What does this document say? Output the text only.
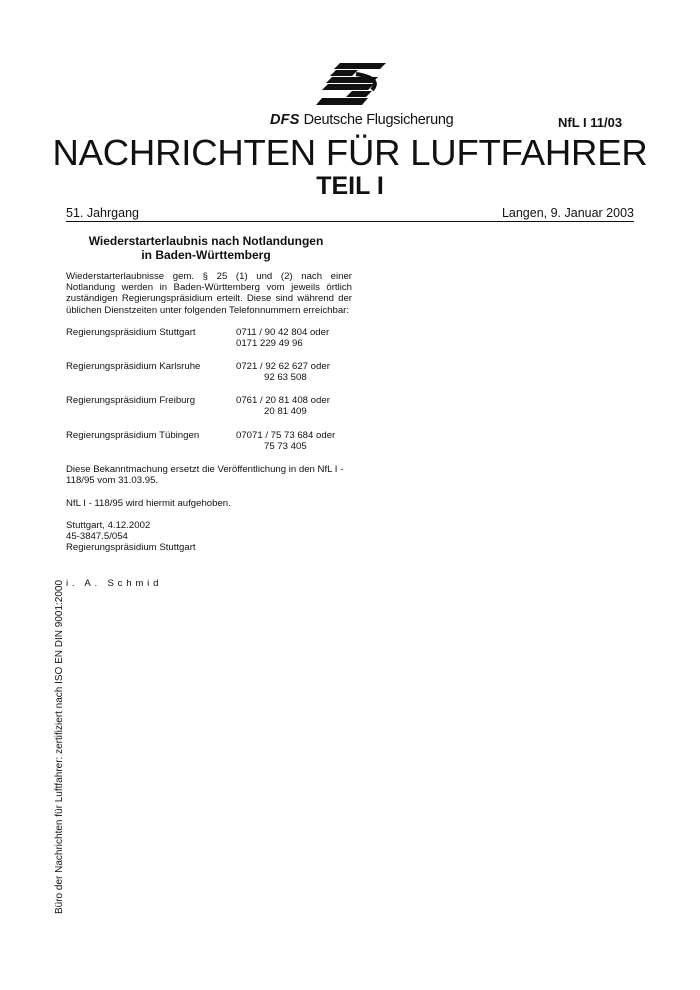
DFS Deutsche Flugsicherung	NfL I 11/03
NACHRICHTEN FÜR LUFTFAHRER
TEIL I
51. Jahrgang	Langen, 9. Januar 2003
Wiederstarterlaubnis nach Notlandungen
in Baden-Württemberg
Wiederstarterlaubnisse gem. § 25 (1) und (2) nach einer Notlandung werden in Baden-Württemberg vom jeweils örtlich zuständigen Regierungspräsidium erteilt. Diese sind während der üblichen Dienstzeiten unter folgenden Telefonnummern erreichbar:
Regierungspräsidium Stuttgart	0711 / 90 42 804 oder
0171 229 49 96
Regierungspräsidium Karlsruhe	0721 / 92 62 627 oder
92 63 508
Regierungspräsidium Freiburg	0761 / 20 81 408 oder
20 81 409
Regierungspräsidium Tübingen	07071 / 75 73 684 oder
75 73 405
Diese Bekanntmachung ersetzt die Veröffentlichung in den NfL I - 118/95 vom 31.03.95.
NfL I - 118/95 wird hiermit aufgehoben.
Stuttgart, 4.12.2002
45-3847.5/054
Regierungspräsidium Stuttgart
i. A. Schmid
Büro der Nachrichten für Luftfahrer: zertifiziert nach ISO EN DIN 9001:2000
